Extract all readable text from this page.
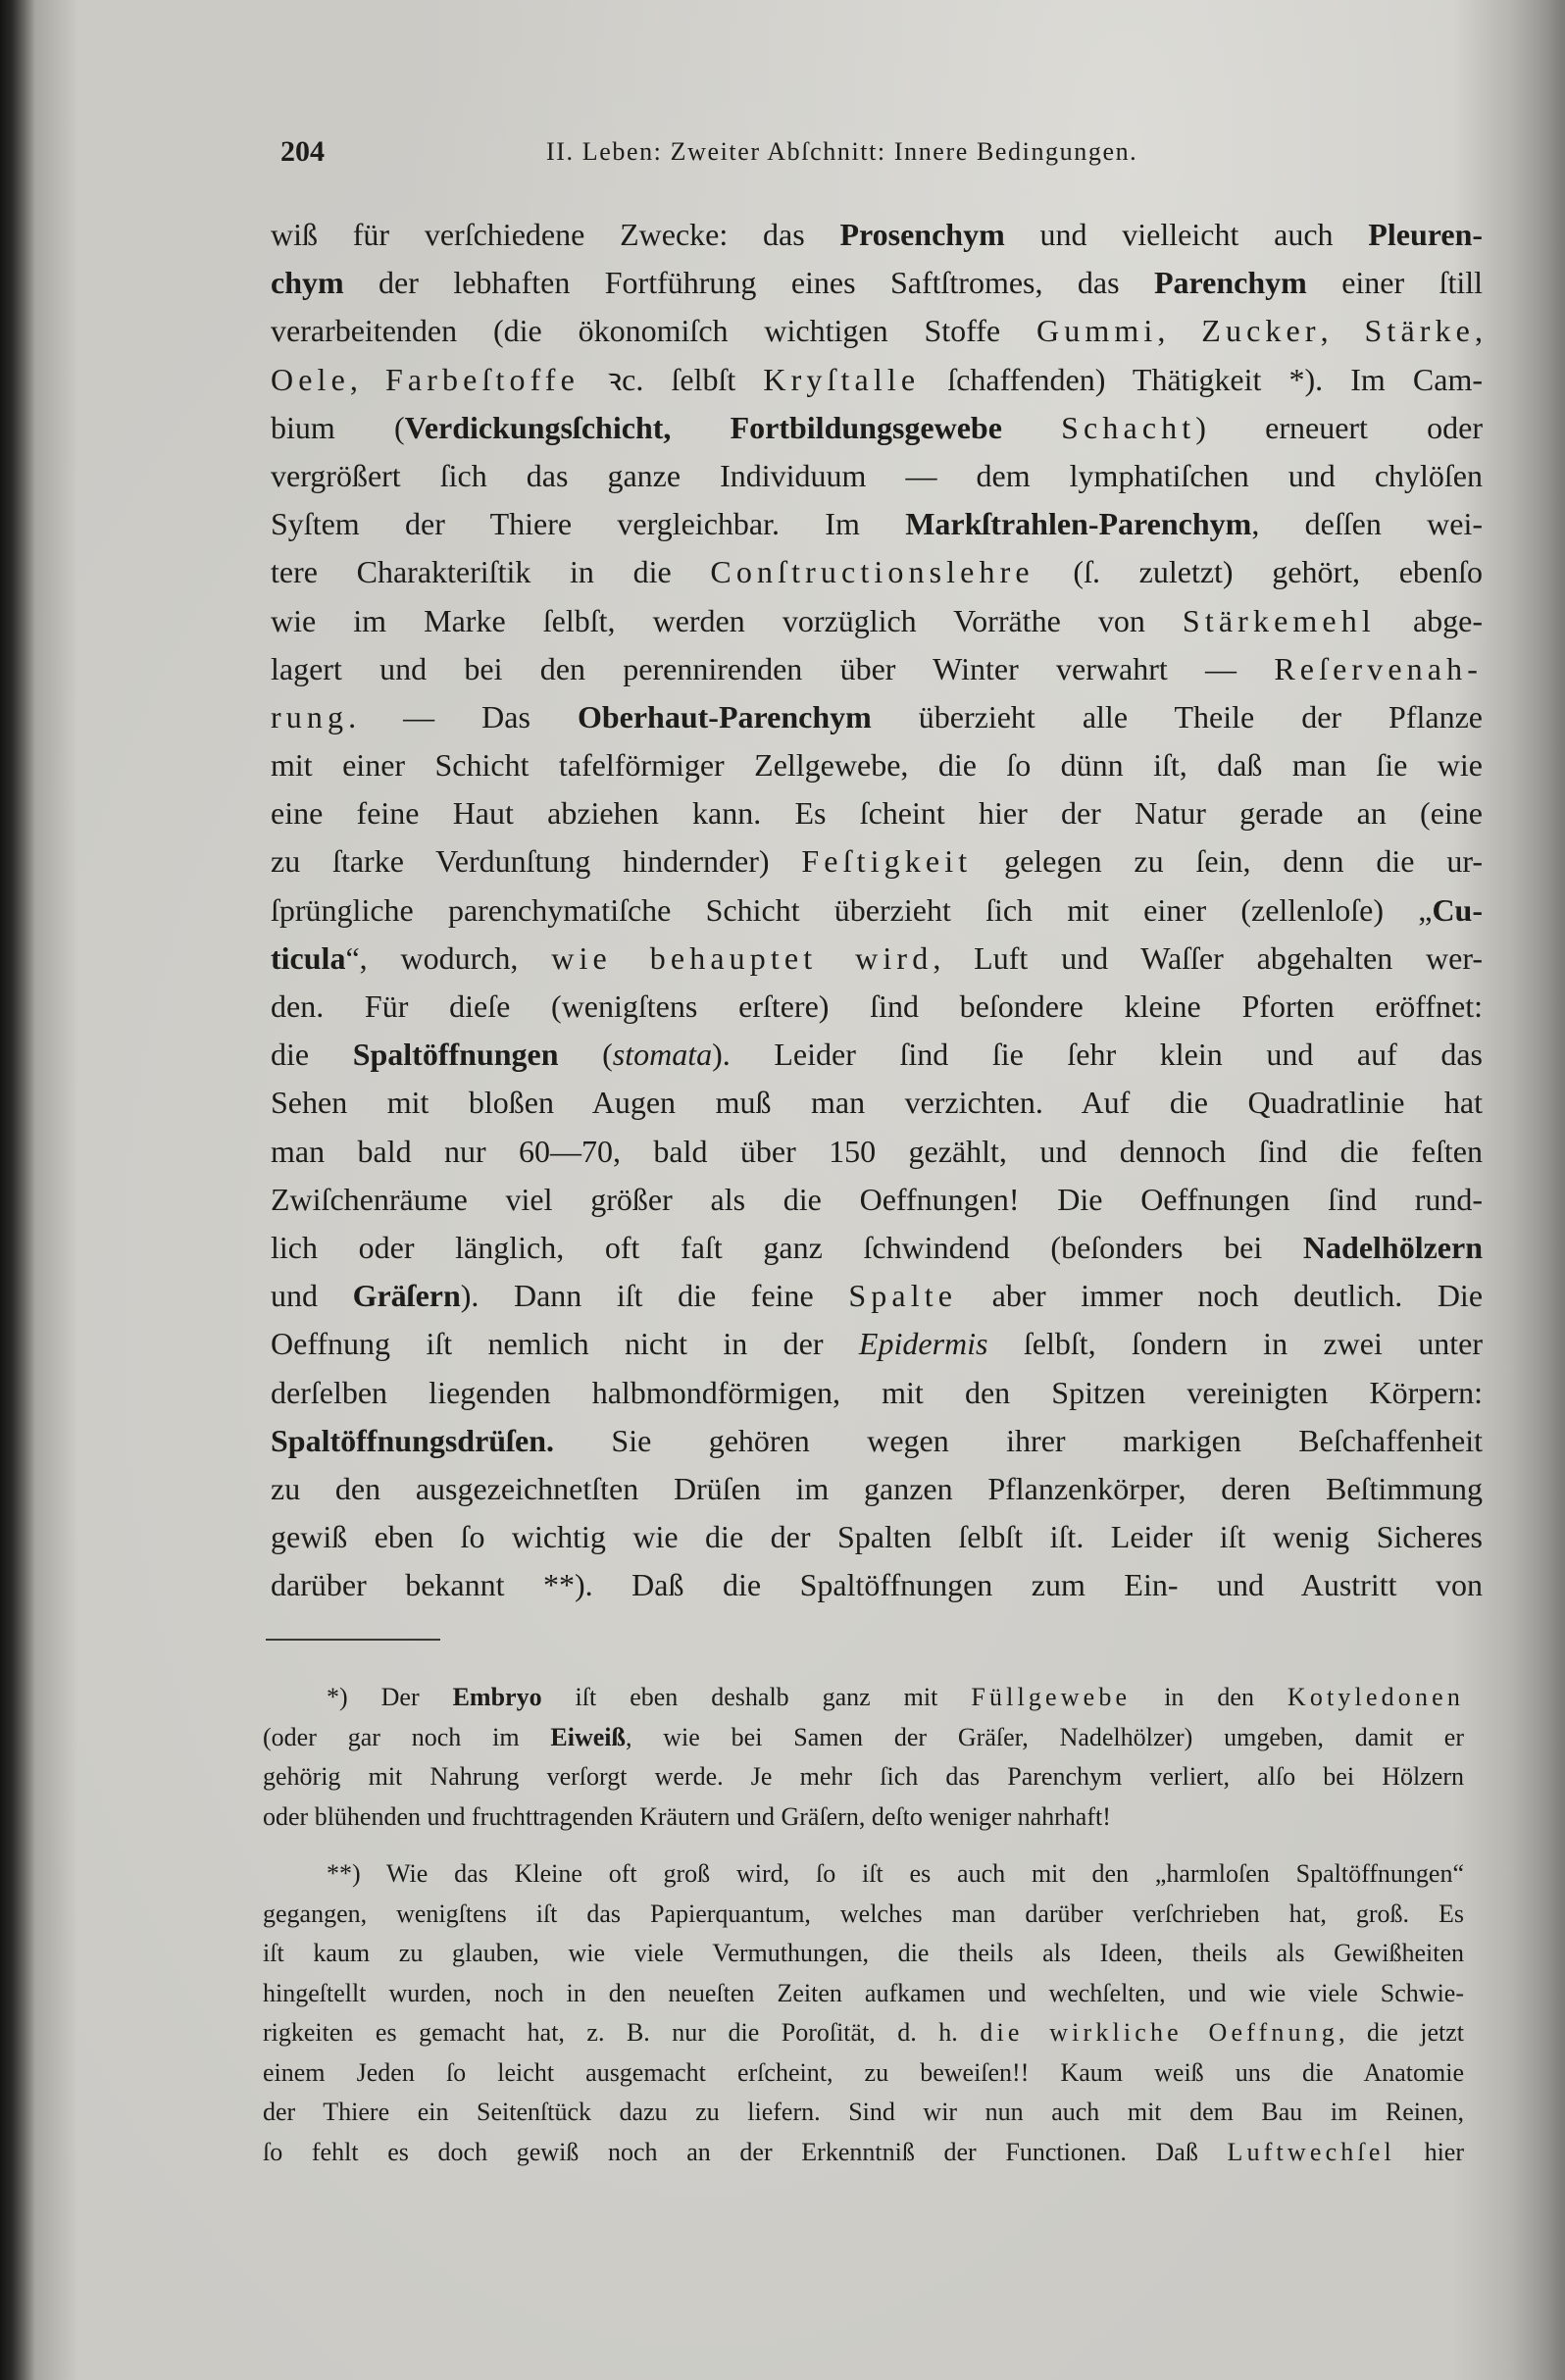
204	II. Leben: Zweiter Abſchnitt: Innere Bedingungen.
wiß für verſchiedene Zwecke: das Prosenchym und vielleicht auch Pleuren-
chym der lebhaften Fortführung eines Saftſtromes, das Parenchym einer ſtill
verarbeitenden (die ökonomiſch wichtigen Stoffe Gummi, Zucker, Stärke,
Oele, Farbeſtoffe ꝛc. ſelbſt Kryſtalle ſchaffenden) Thätigkeit *). Im Cam-
bium (Verdickungsſchicht, Fortbildungsgewebe Schacht) erneuert oder
vergrößert ſich das ganze Individuum — dem lymphatiſchen und chylöſen
Syſtem der Thiere vergleichbar. Im Markſtrahlen-Parenchym, deſſen wei-
tere Charakteriſtik in die Conſtructionslehre (ſ. zuletzt) gehört, ebenſo
wie im Marke ſelbſt, werden vorzüglich Vorräthe von Stärkemehl abge-
lagert und bei den perennirenden über Winter verwahrt — Reſervenah-
rung. — Das Oberhaut-Parenchym überzieht alle Theile der Pflanze
mit einer Schicht tafelförmiger Zellgewebe, die ſo dünn iſt, daß man ſie wie
eine feine Haut abziehen kann. Es ſcheint hier der Natur gerade an (eine
zu ſtarke Verdunſtung hindernder) Feſtigkeit gelegen zu ſein, denn die ur-
ſprüngliche parenchymatiſche Schicht überzieht ſich mit einer (zellenloſe) „Cu-
ticula“, wodurch, wie behauptet wird, Luft und Waſſer abgehalten wer-
den. Für dieſe (wenigſtens erſtere) ſind beſondere kleine Pforten eröffnet:
die Spaltöffnungen (stomata). Leider ſind ſie ſehr klein und auf das
Sehen mit bloßen Augen muß man verzichten. Auf die Quadratlinie hat
man bald nur 60—70, bald über 150 gezählt, und dennoch ſind die feſten
Zwiſchenräume viel größer als die Oeffnungen! Die Oeffnungen ſind rund-
lich oder länglich, oft faſt ganz ſchwindend (beſonders bei Nadelhölzern
und Gräſern). Dann iſt die feine Spalte aber immer noch deutlich. Die
Oeffnung iſt nemlich nicht in der Epidermis ſelbſt, ſondern in zwei unter
derſelben liegenden halbmondförmigen, mit den Spitzen vereinigten Körpern:
Spaltöffnungsdrüſen. Sie gehören wegen ihrer markigen Beſchaffenheit
zu den ausgezeichnetſten Drüſen im ganzen Pflanzenkörper, deren Beſtimmung
gewiß eben ſo wichtig wie die der Spalten ſelbſt iſt. Leider iſt wenig Sicheres
darüber bekannt **). Daß die Spaltöffnungen zum Ein- und Austritt von
*) Der Embryo iſt eben deshalb ganz mit Füllgewebe in den Kotyledonen
(oder gar noch im Eiweiß, wie bei Samen der Gräſer, Nadelhölzer) umgeben, damit er
gehörig mit Nahrung verſorgt werde. Je mehr ſich das Parenchym verliert, alſo bei Hölzern
oder blühenden und fruchttragenden Kräutern und Gräſern, deſto weniger nahrhaft!
**) Wie das Kleine oft groß wird, ſo iſt es auch mit den „harmloſen Spaltöffnungen“
gegangen, wenigſtens iſt das Papierquantum, welches man darüber verſchrieben hat, groß. Es
iſt kaum zu glauben, wie viele Vermuthungen, die theils als Ideen, theils als Gewißheiten
hingeſtellt wurden, noch in den neueſten Zeiten aufkamen und wechſelten, und wie viele Schwie-
rigkeiten es gemacht hat, z. B. nur die Poroſität, d. h. die wirkliche Oeffnung, die jetzt
einem Jeden ſo leicht ausgemacht erſcheint, zu beweiſen!! Kaum weiß uns die Anatomie
der Thiere ein Seitenſtück dazu zu liefern. Sind wir nun auch mit dem Bau im Reinen,
ſo fehlt es doch gewiß noch an der Erkenntniß der Functionen. Daß Luftwechſel hier
